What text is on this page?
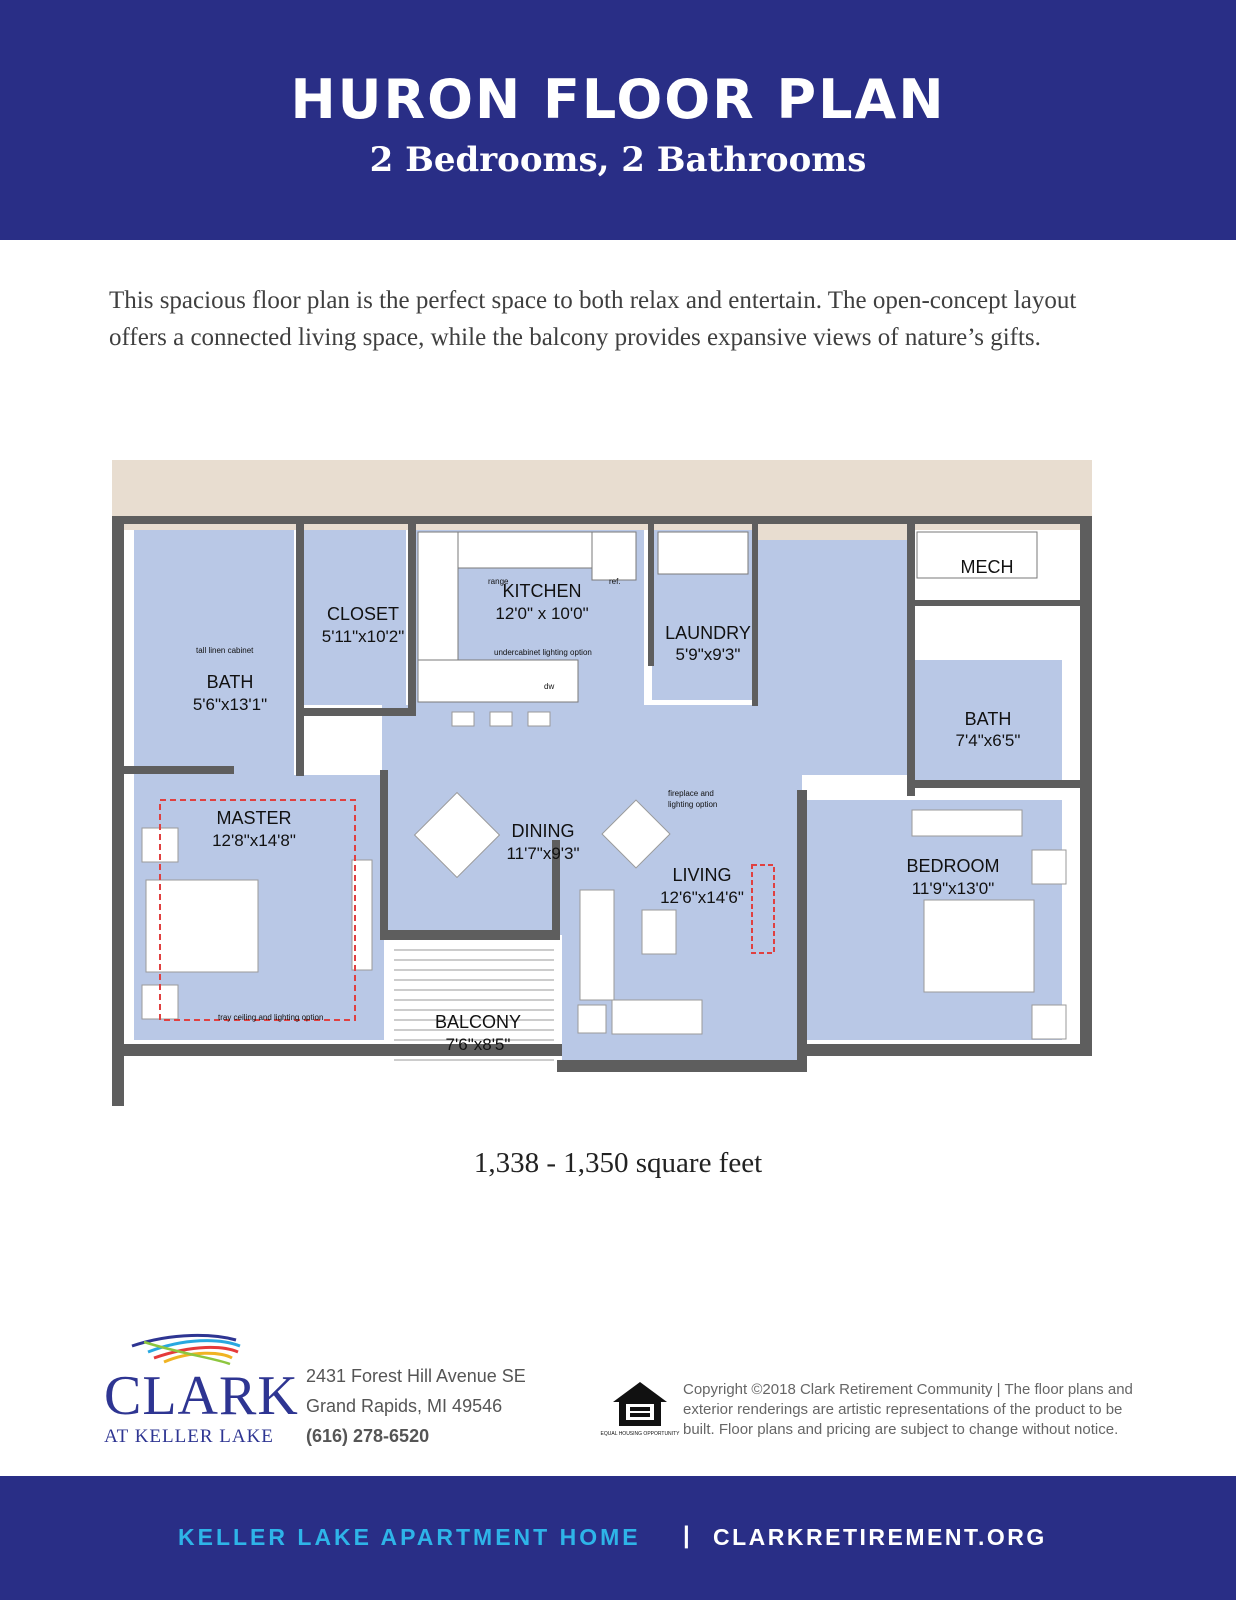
HURON FLOOR PLAN
2 Bedrooms, 2 Bathrooms
This spacious floor plan is the perfect space to both relax and entertain. The open-concept layout offers a connected living space, while the balcony provides expansive views of nature’s gifts.
KITCHEN
12'0" x 10'0"
CLOSET
5'11"x10'2"	LAUNDRY
5'9"x9'3"
MECH
BATH
5'6"x13'1"
BATH
7'4"x6'5"
MASTER
12'8"x14'8"	DINING
11'7"x9'3"
LIVING
12'6"x14'6"
BEDROOM
11'9"x13'0"
BALCONY
7'6"x8'5"
range	ref.
dw
undercabinet lighting option
tall linen cabinet
fireplace and
lighting option
tray ceiling and lighting option
1,338 - 1,350 square feet
CLARK
AT KELLER LAKE
2431 Forest Hill Avenue SE
Grand Rapids, MI 49546
(616) 278-6520	EQUAL HOUSING OPPORTUNITY
Copyright ©2018 Clark Retirement Community | The floor plans and exterior renderings are artistic representations of the product to be built. Floor plans and pricing are subject to change without notice.
KELLER LAKE APARTMENT HOME | CLARKRETIREMENT.ORG
